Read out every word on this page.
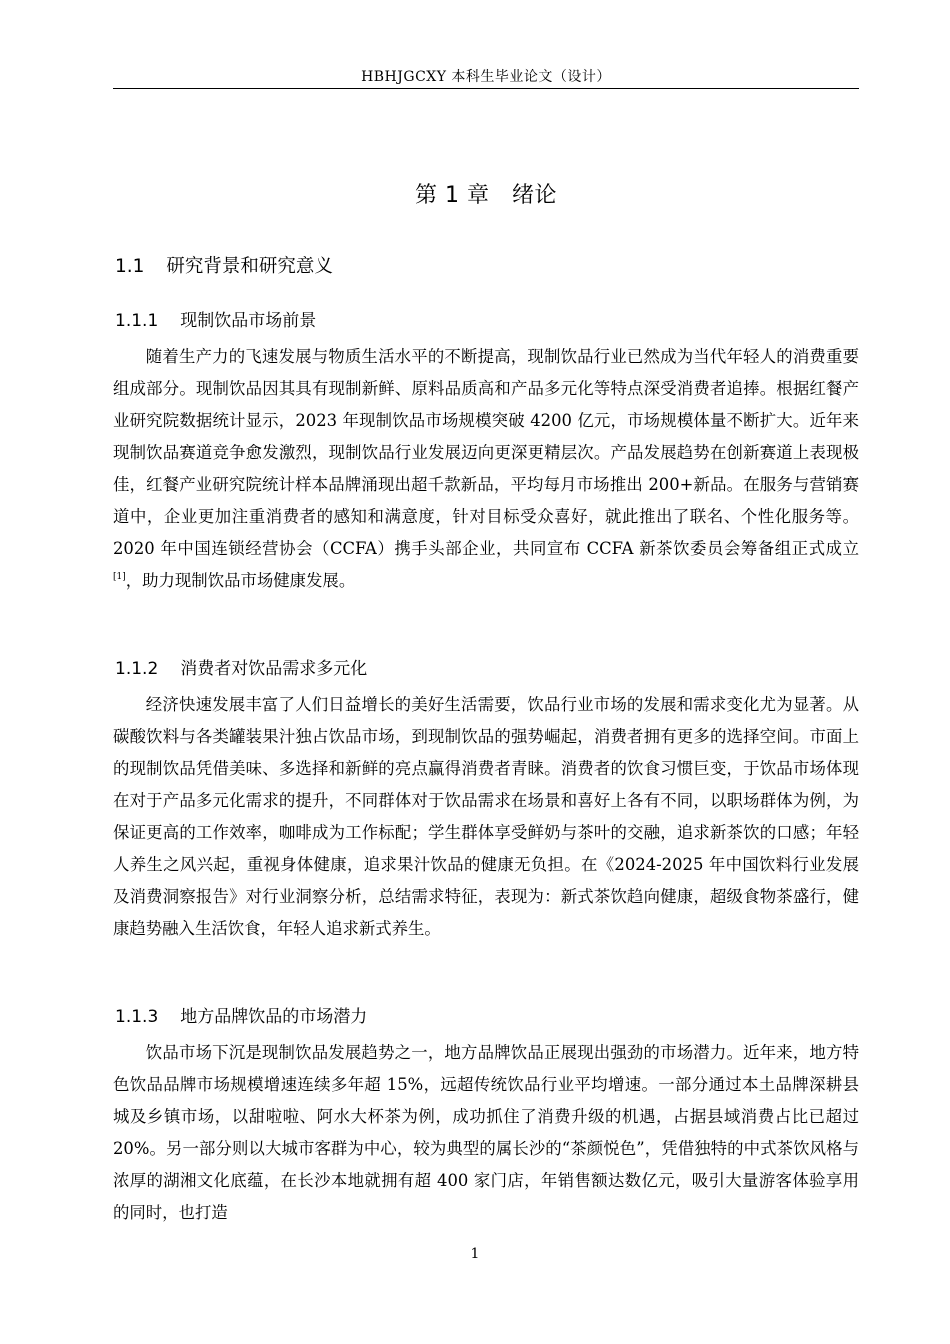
HBHJGCXY 本科生毕业论文（设计）
第 1 章　绪论
1.1 研究背景和研究意义
1.1.1 现制饮品市场前景

随着生产力的飞速发展与物质生活水平的不断提高，现制饮品行业已然成为当代年轻人的消费重要组成部分。现制饮品因其具有现制新鲜、原料品质高和产品多元化等特点深受消费者追捧。根据红餐产业研究院数据统计显示，2023 年现制饮品市场规模突破 4200 亿元，市场规模体量不断扩大。近年来现制饮品赛道竞争愈发激烈，现制饮品行业发展迈向更深更精层次。产品发展趋势在创新赛道上表现极佳，红餐产业研究院统计样本品牌涌现出超千款新品，平均每月市场推出 200+新品。在服务与营销赛道中，企业更加注重消费者的感知和满意度，针对目标受众喜好，就此推出了联名、个性化服务等。2020 年中国连锁经营协会（CCFA）携手头部企业，共同宣布 CCFA 新茶饮委员会筹备组正式成立[1]，助力现制饮品市场健康发展。

1.1.2 消费者对饮品需求多元化

经济快速发展丰富了人们日益增长的美好生活需要，饮品行业市场的发展和需求变化尤为显著。从碳酸饮料与各类罐装果汁独占饮品市场，到现制饮品的强势崛起，消费者拥有更多的选择空间。市面上的现制饮品凭借美味、多选择和新鲜的亮点赢得消费者青睐。消费者的饮食习惯巨变，于饮品市场体现在对于产品多元化需求的提升，不同群体对于饮品需求在场景和喜好上各有不同，以职场群体为例，为保证更高的工作效率，咖啡成为工作标配；学生群体享受鲜奶与茶叶的交融，追求新茶饮的口感；年轻人养生之风兴起，重视身体健康，追求果汁饮品的健康无负担。在《2024-2025 年中国饮料行业发展及消费洞察报告》对行业洞察分析，总结需求特征，表现为：新式茶饮趋向健康，超级食物茶盛行，健康趋势融入生活饮食，年轻人追求新式养生。

1.1.3 地方品牌饮品的市场潜力

饮品市场下沉是现制饮品发展趋势之一，地方品牌饮品正展现出强劲的市场潜力。近年来，地方特色饮品品牌市场规模增速连续多年超 15%，远超传统饮品行业平均增速。一部分通过本土品牌深耕县城及乡镇市场，以甜啦啦、阿水大杯茶为例，成功抓住了消费升级的机遇，占据县域消费占比已超过 20%。另一部分则以大城市客群为中心，较为典型的属长沙的“茶颜悦色”，凭借独特的中式茶饮风格与浓厚的湖湘文化底蕴，在长沙本地就拥有超 400 家门店，年销售额达数亿元，吸引大量游客体验享用的同时，也打造

1
